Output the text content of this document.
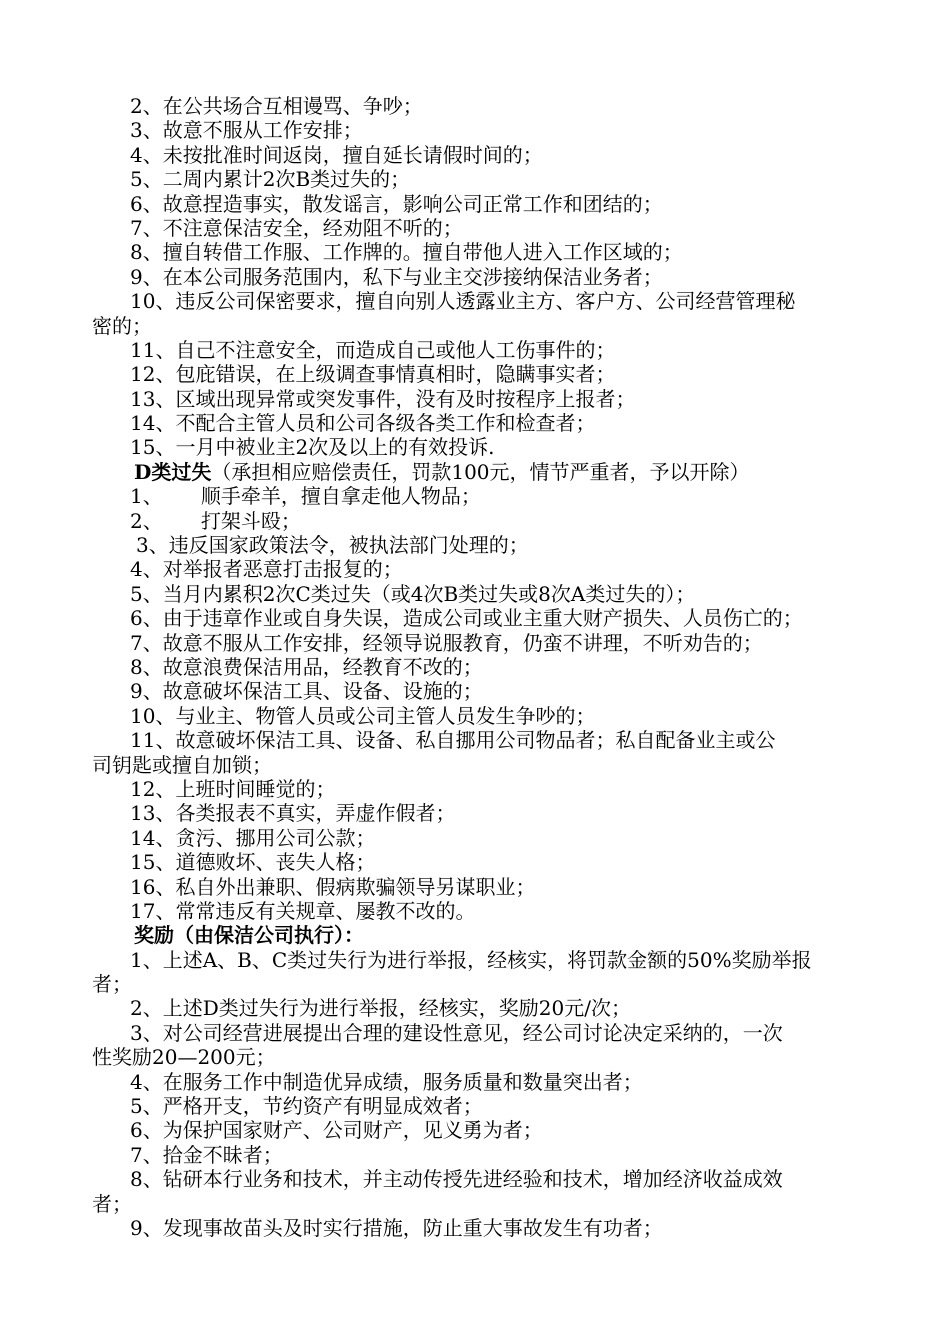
2、在公共场合互相谩骂、争吵；
3、故意不服从工作安排；
4、未按批准时间返岗，擅自延长请假时间的；
5、二周内累计2次B类过失的；
6、故意捏造事实，散发谣言，影响公司正常工作和团结的；
7、不注意保洁安全，经劝阻不听的；
8、擅自转借工作服、工作牌的。擅自带他人进入工作区域的；
9、在本公司服务范围内，私下与业主交涉接纳保洁业务者；
10、违反公司保密要求，擅自向别人透露业主方、客户方、公司经营管理秘
密的；
11、自己不注意安全，而造成自己或他人工伤事件的；
12、包庇错误，在上级调查事情真相时，隐瞒事实者；
13、区域出现异常或突发事件，没有及时按程序上报者；
14、不配合主管人员和公司各级各类工作和检查者；
15、一月中被业主2次及以上的有效投诉.
D类过失（承担相应赔偿责任，罚款100元，情节严重者，予以开除）
1、      顺手牵羊，擅自拿走他人物品；
2、      打架斗殴；
3、违反国家政策法令，被执法部门处理的；
4、对举报者恶意打击报复的；
5、当月内累积2次C类过失（或4次B类过失或8次A类过失的）；
6、由于违章作业或自身失误，造成公司或业主重大财产损失、人员伤亡的；
7、故意不服从工作安排，经领导说服教育，仍蛮不讲理，不听劝告的；
8、故意浪费保洁用品，经教育不改的；
9、故意破坏保洁工具、设备、设施的；
10、与业主、物管人员或公司主管人员发生争吵的；
11、故意破坏保洁工具、设备、私自挪用公司物品者；私自配备业主或公
司钥匙或擅自加锁；
12、上班时间睡觉的；
13、各类报表不真实，弄虚作假者；
14、贪污、挪用公司公款；
15、道德败坏、丧失人格；
16、私自外出兼职、假病欺骗领导另谋职业；
17、常常违反有关规章、屡教不改的。
奖励（由保洁公司执行）：
1、上述A、B、C类过失行为进行举报，经核实，将罚款金额的50%奖励举报
者；
2、上述D类过失行为进行举报，经核实，奖励20元/次；
3、对公司经营进展提出合理的建设性意见，经公司讨论决定采纳的，一次
性奖励20—200元；
4、在服务工作中制造优异成绩，服务质量和数量突出者；
5、严格开支，节约资产有明显成效者；
6、为保护国家财产、公司财产，见义勇为者；
7、拾金不昧者；
8、钻研本行业务和技术，并主动传授先进经验和技术，增加经济收益成效
者；
9、发现事故苗头及时实行措施，防止重大事故发生有功者；
